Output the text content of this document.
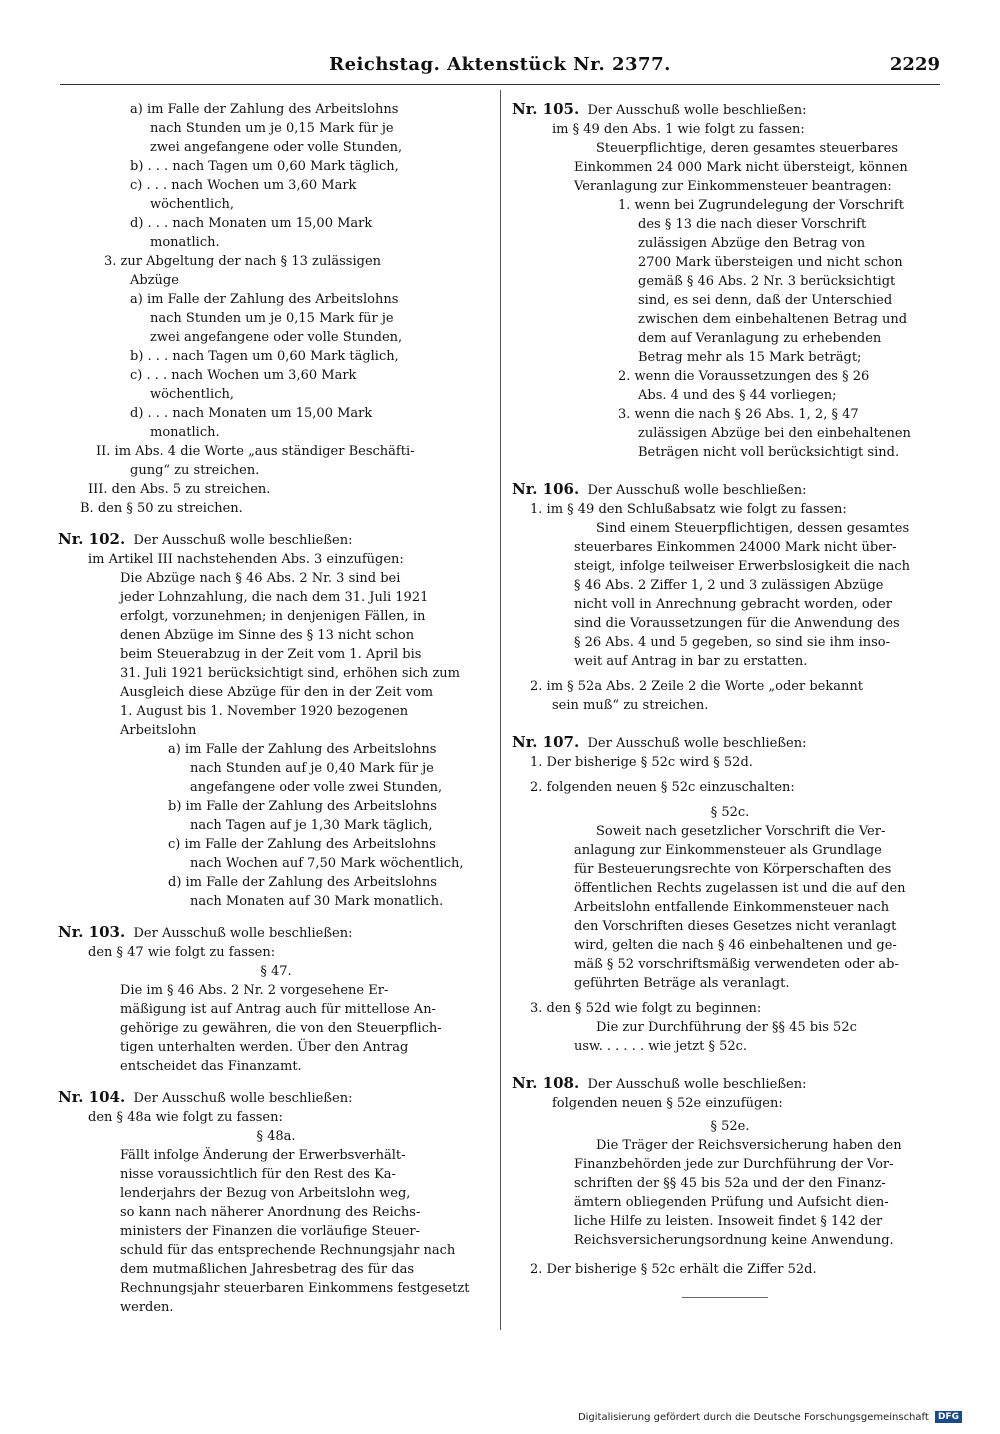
Reichstag. Aktenstück Nr. 2377.	2229
a) im Falle der Zahlung des Arbeitslohns
nach Stunden um je 0,15 Mark für je
zwei angefangene oder volle Stunden,
b) . . . nach Tagen um 0,60 Mark täglich,
c) . . . nach Wochen um 3,60 Mark
wöchentlich,
d) . . . nach Monaten um 15,00 Mark
monatlich.
3. zur Abgeltung der nach § 13 zulässigen
Abzüge
a) im Falle der Zahlung des Arbeitslohns
nach Stunden um je 0,15 Mark für je
zwei angefangene oder volle Stunden,
b) . . . nach Tagen um 0,60 Mark täglich,
c) . . . nach Wochen um 3,60 Mark
wöchentlich,
d) . . . nach Monaten um 15,00 Mark
monatlich.
II. im Abs. 4 die Worte „aus ständiger Beschäfti-
gung“ zu streichen.
III. den Abs. 5 zu streichen.
B. den § 50 zu streichen.
Nr. 102. Der Ausschuß wolle beschließen:
im Artikel III nachstehenden Abs. 3 einzufügen:
Die Abzüge nach § 46 Abs. 2 Nr. 3 sind bei
jeder Lohnzahlung, die nach dem 31. Juli 1921
erfolgt, vorzunehmen; in denjenigen Fällen, in
denen Abzüge im Sinne des § 13 nicht schon
beim Steuerabzug in der Zeit vom 1. April bis
31. Juli 1921 berücksichtigt sind, erhöhen sich zum
Ausgleich diese Abzüge für den in der Zeit vom
1. August bis 1. November 1920 bezogenen
Arbeitslohn
a) im Falle der Zahlung des Arbeitslohns
nach Stunden auf je 0,40 Mark für je
angefangene oder volle zwei Stunden,
b) im Falle der Zahlung des Arbeitslohns
nach Tagen auf je 1,30 Mark täglich,
c) im Falle der Zahlung des Arbeitslohns
nach Wochen auf 7,50 Mark wöchentlich,
d) im Falle der Zahlung des Arbeitslohns
nach Monaten auf 30 Mark monatlich.
Nr. 103. Der Ausschuß wolle beschließen:
den § 47 wie folgt zu fassen:
§ 47.
Die im § 46 Abs. 2 Nr. 2 vorgesehene Er-
mäßigung ist auf Antrag auch für mittellose An-
gehörige zu gewähren, die von den Steuerpflich-
tigen unterhalten werden. Über den Antrag
entscheidet das Finanzamt.
Nr. 104. Der Ausschuß wolle beschließen:
den § 48a wie folgt zu fassen:
§ 48a.
Fällt infolge Änderung der Erwerbsverhält-
nisse voraussichtlich für den Rest des Ka-
lenderjahrs der Bezug von Arbeitslohn weg,
so kann nach näherer Anordnung des Reichs-
ministers der Finanzen die vorläufige Steuer-
schuld für das entsprechende Rechnungsjahr nach
dem mutmaßlichen Jahresbetrag des für das
Rechnungsjahr steuerbaren Einkommens festgesetzt
werden.
Nr. 105. Der Ausschuß wolle beschließen:
im § 49 den Abs. 1 wie folgt zu fassen:
Steuerpflichtige, deren gesamtes steuerbares
Einkommen 24 000 Mark nicht übersteigt, können
Veranlagung zur Einkommensteuer beantragen:
1. wenn bei Zugrundelegung der Vorschrift
des § 13 die nach dieser Vorschrift
zulässigen Abzüge den Betrag von
2700 Mark übersteigen und nicht schon
gemäß § 46 Abs. 2 Nr. 3 berücksichtigt
sind, es sei denn, daß der Unterschied
zwischen dem einbehaltenen Betrag und
dem auf Veranlagung zu erhebenden
Betrag mehr als 15 Mark beträgt;
2. wenn die Voraussetzungen des § 26
Abs. 4 und des § 44 vorliegen;
3. wenn die nach § 26 Abs. 1, 2, § 47
zulässigen Abzüge bei den einbehaltenen
Beträgen nicht voll berücksichtigt sind.
Nr. 106. Der Ausschuß wolle beschließen:
1. im § 49 den Schlußabsatz wie folgt zu fassen:
Sind einem Steuerpflichtigen, dessen gesamtes
steuerbares Einkommen 24000 Mark nicht über-
steigt, infolge teilweiser Erwerbslosigkeit die nach
§ 46 Abs. 2 Ziffer 1, 2 und 3 zulässigen Abzüge
nicht voll in Anrechnung gebracht worden, oder
sind die Voraussetzungen für die Anwendung des
§ 26 Abs. 4 und 5 gegeben, so sind sie ihm inso-
weit auf Antrag in bar zu erstatten.
2. im § 52a Abs. 2 Zeile 2 die Worte „oder bekannt
sein muß“ zu streichen.
Nr. 107. Der Ausschuß wolle beschließen:
1. Der bisherige § 52c wird § 52d.
2. folgenden neuen § 52c einzuschalten:
§ 52c.
Soweit nach gesetzlicher Vorschrift die Ver-
anlagung zur Einkommensteuer als Grundlage
für Besteuerungsrechte von Körperschaften des
öffentlichen Rechts zugelassen ist und die auf den
Arbeitslohn entfallende Einkommensteuer nach
den Vorschriften dieses Gesetzes nicht veranlagt
wird, gelten die nach § 46 einbehaltenen und ge-
mäß § 52 vorschriftsmäßig verwendeten oder ab-
geführten Beträge als veranlagt.
3. den § 52d wie folgt zu beginnen:
Die zur Durchführung der §§ 45 bis 52c
usw. . . . . . wie jetzt § 52c.
Nr. 108. Der Ausschuß wolle beschließen:
folgenden neuen § 52e einzufügen:
§ 52e.
Die Träger der Reichsversicherung haben den
Finanzbehörden jede zur Durchführung der Vor-
schriften der §§ 45 bis 52a und der den Finanz-
ämtern obliegenden Prüfung und Aufsicht dien-
liche Hilfe zu leisten. Insoweit findet § 142 der
Reichsversicherungsordnung keine Anwendung.
2. Der bisherige § 52c erhält die Ziffer 52d.
Digitalisierung gefördert durch die Deutsche Forschungsgemeinschaft DFG
